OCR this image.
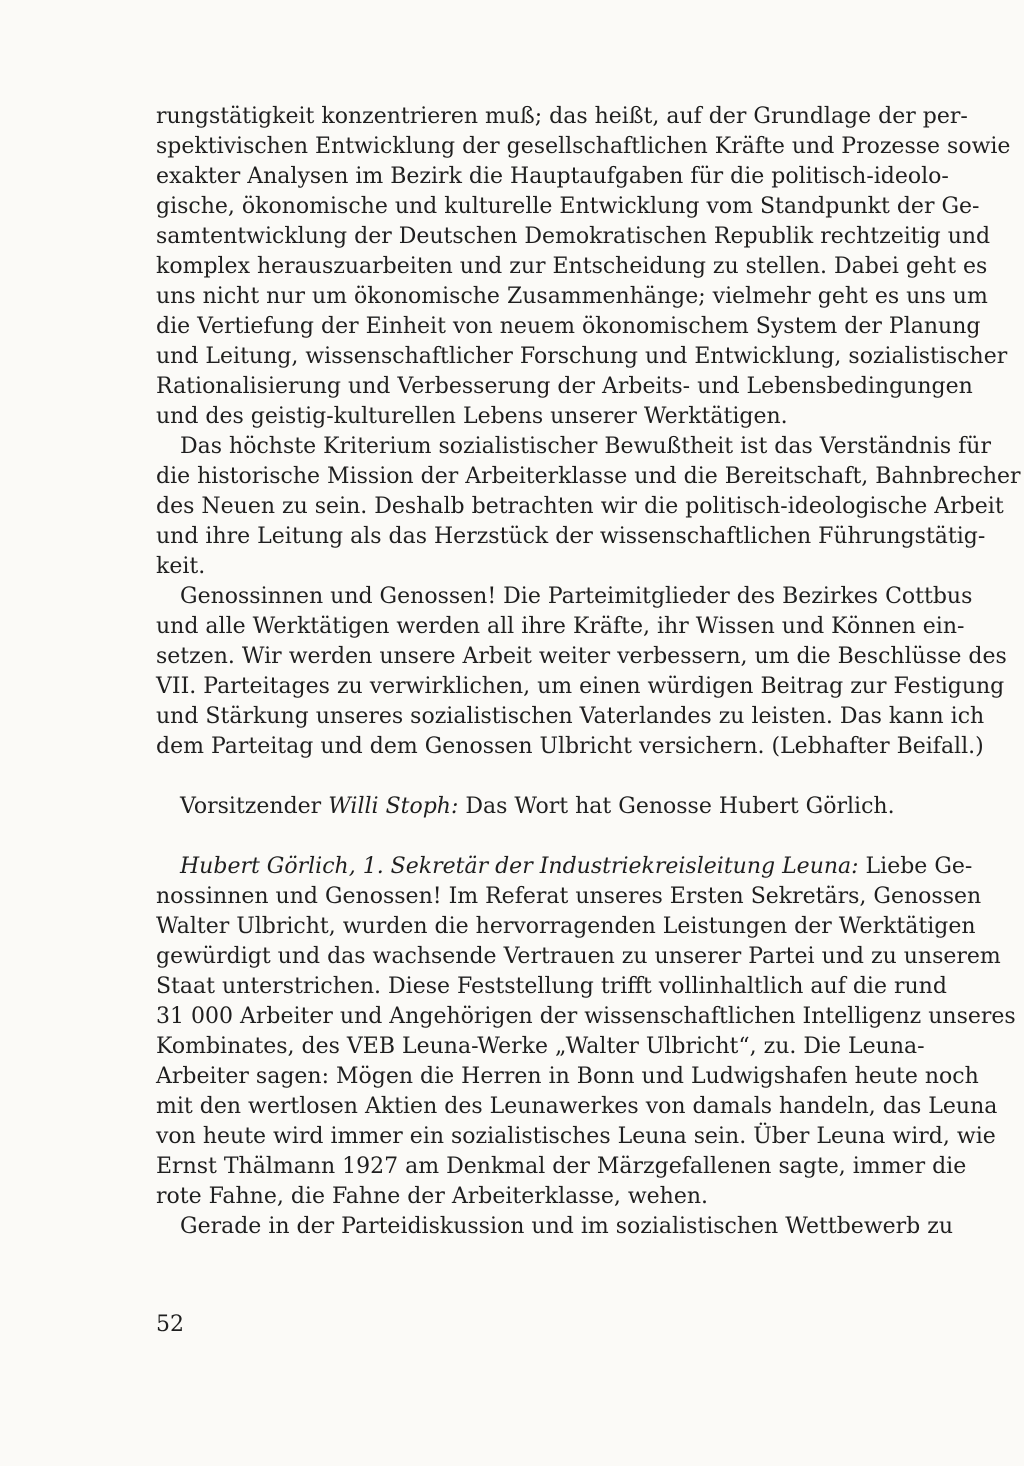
rungstätigkeit konzentrieren muß; das heißt, auf der Grundlage der per-
spektivischen Entwicklung der gesellschaftlichen Kräfte und Prozesse sowie
exakter Analysen im Bezirk die Hauptaufgaben für die politisch-ideolo-
gische, ökonomische und kulturelle Entwicklung vom Standpunkt der Ge-
samtentwicklung der Deutschen Demokratischen Republik rechtzeitig und
komplex herauszuarbeiten und zur Entscheidung zu stellen. Dabei geht es
uns nicht nur um ökonomische Zusammenhänge; vielmehr geht es uns um
die Vertiefung der Einheit von neuem ökonomischem System der Planung
und Leitung, wissenschaftlicher Forschung und Entwicklung, sozialistischer
Rationalisierung und Verbesserung der Arbeits- und Lebensbedingungen
und des geistig-kulturellen Lebens unserer Werktätigen.

Das höchste Kriterium sozialistischer Bewußtheit ist das Verständnis für
die historische Mission der Arbeiterklasse und die Bereitschaft, Bahnbrecher
des Neuen zu sein. Deshalb betrachten wir die politisch-ideologische Arbeit
und ihre Leitung als das Herzstück der wissenschaftlichen Führungstätig-
keit.

Genossinnen und Genossen! Die Parteimitglieder des Bezirkes Cottbus
und alle Werktätigen werden all ihre Kräfte, ihr Wissen und Können ein-
setzen. Wir werden unsere Arbeit weiter verbessern, um die Beschlüsse des
VII. Parteitages zu verwirklichen, um einen würdigen Beitrag zur Festigung
und Stärkung unseres sozialistischen Vaterlandes zu leisten. Das kann ich
dem Parteitag und dem Genossen Ulbricht versichern. (Lebhafter Beifall.)

Vorsitzender Willi Stoph: Das Wort hat Genosse Hubert Görlich.

Hubert Görlich, 1. Sekretär der Industriekreisleitung Leuna: Liebe Ge-
nossinnen und Genossen! Im Referat unseres Ersten Sekretärs, Genossen
Walter Ulbricht, wurden die hervorragenden Leistungen der Werktätigen
gewürdigt und das wachsende Vertrauen zu unserer Partei und zu unserem
Staat unterstrichen. Diese Feststellung trifft vollinhaltlich auf die rund
31 000 Arbeiter und Angehörigen der wissenschaftlichen Intelligenz unseres
Kombinates, des VEB Leuna-Werke „Walter Ulbricht“, zu. Die Leuna-
Arbeiter sagen: Mögen die Herren in Bonn und Ludwigshafen heute noch
mit den wertlosen Aktien des Leunawerkes von damals handeln, das Leuna
von heute wird immer ein sozialistisches Leuna sein. Über Leuna wird, wie
Ernst Thälmann 1927 am Denkmal der Märzgefallenen sagte, immer die
rote Fahne, die Fahne der Arbeiterklasse, wehen.

Gerade in der Parteidiskussion und im sozialistischen Wettbewerb zu

52
